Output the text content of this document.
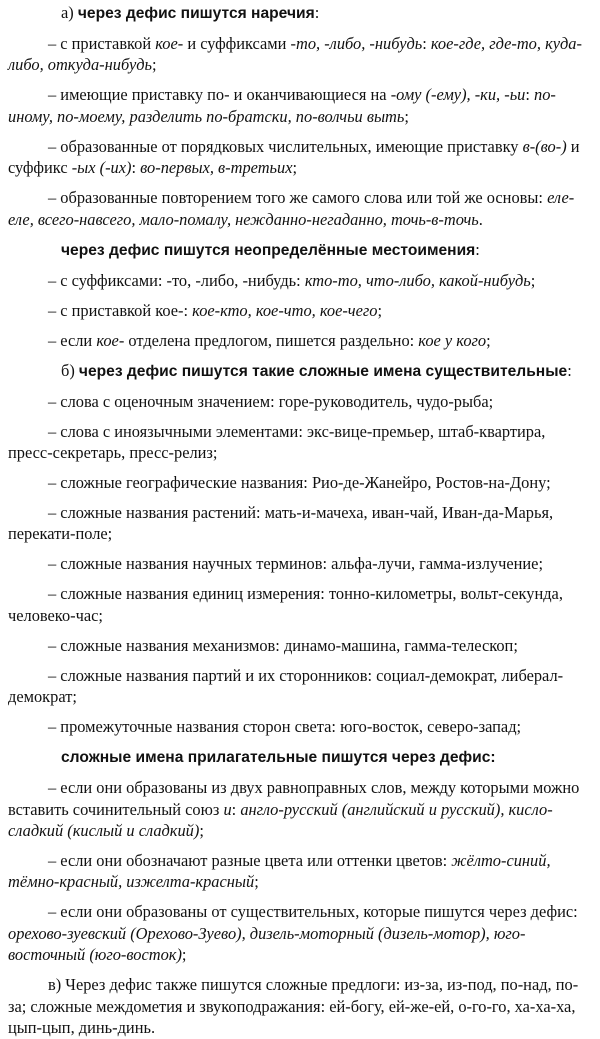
а) через дефис пишутся наречия:

– с приставкой кое- и суффиксами -то, -либо, -нибудь: кое-где, где-то, куда-либо, откуда-нибудь;

– имеющие приставку по- и оканчивающиеся на -ому (-ему), -ки, -ьи: по-иному, по-моему, разделить по-братски, по-волчьи выть;

– образованные от порядковых числительных, имеющие приставку в-(во-) и суффикс -ых (-их): во-первых, в-третьих;

– образованные повторением того же самого слова или той же основы: еле-еле, всего-навсего, мало-помалу, нежданно-негаданно, точь-в-точь.

через дефис пишутся неопределённые местоимения:

– с суффиксами: -то, -либо, -нибудь: кто-то, что-либо, какой-нибудь;

– с приставкой кое-: кое-кто, кое-что, кое-чего;

– если кое- отделена предлогом, пишется раздельно: кое у кого;

б) через дефис пишутся такие сложные имена существительные:

– слова с оценочным значением: горе-руководитель, чудо-рыба;

– слова с иноязычными элементами: экс-вице-премьер, штаб-квартира, пресс-секретарь, пресс-релиз;

– сложные географические названия: Рио-де-Жанейро, Ростов-на-Дону;

– сложные названия растений: мать-и-мачеха, иван-чай, Иван-да-Марья, перекати-поле;

– сложные названия научных терминов: альфа-лучи, гамма-излучение;

– сложные названия единиц измерения: тонно-километры, вольт-секунда, человеко-час;

– сложные названия механизмов: динамо-машина, гамма-телескоп;

– сложные названия партий и их сторонников: социал-демократ, либерал-демократ;

– промежуточные названия сторон света: юго-восток, северо-запад;

сложные имена прилагательные пишутся через дефис:

– если они образованы из двух равноправных слов, между которыми можно вставить сочинительный союз и: англо-русский (английский и русский), кисло-сладкий (кислый и сладкий);

– если они обозначают разные цвета или оттенки цветов: жёлто-синий, тёмно-красный, изжелта-красный;

– если они образованы от существительных, которые пишутся через дефис: орехово-зуевский (Орехово-Зуево), дизель-моторный (дизель-мотор), юго-восточный (юго-восток);

в) Через дефис также пишутся сложные предлоги: из-за, из-под, по-над, по-за; сложные междометия и звукоподражания: ей-богу, ей-же-ей, о-го-го, ха-ха-ха, цып-цып, динь-динь.
